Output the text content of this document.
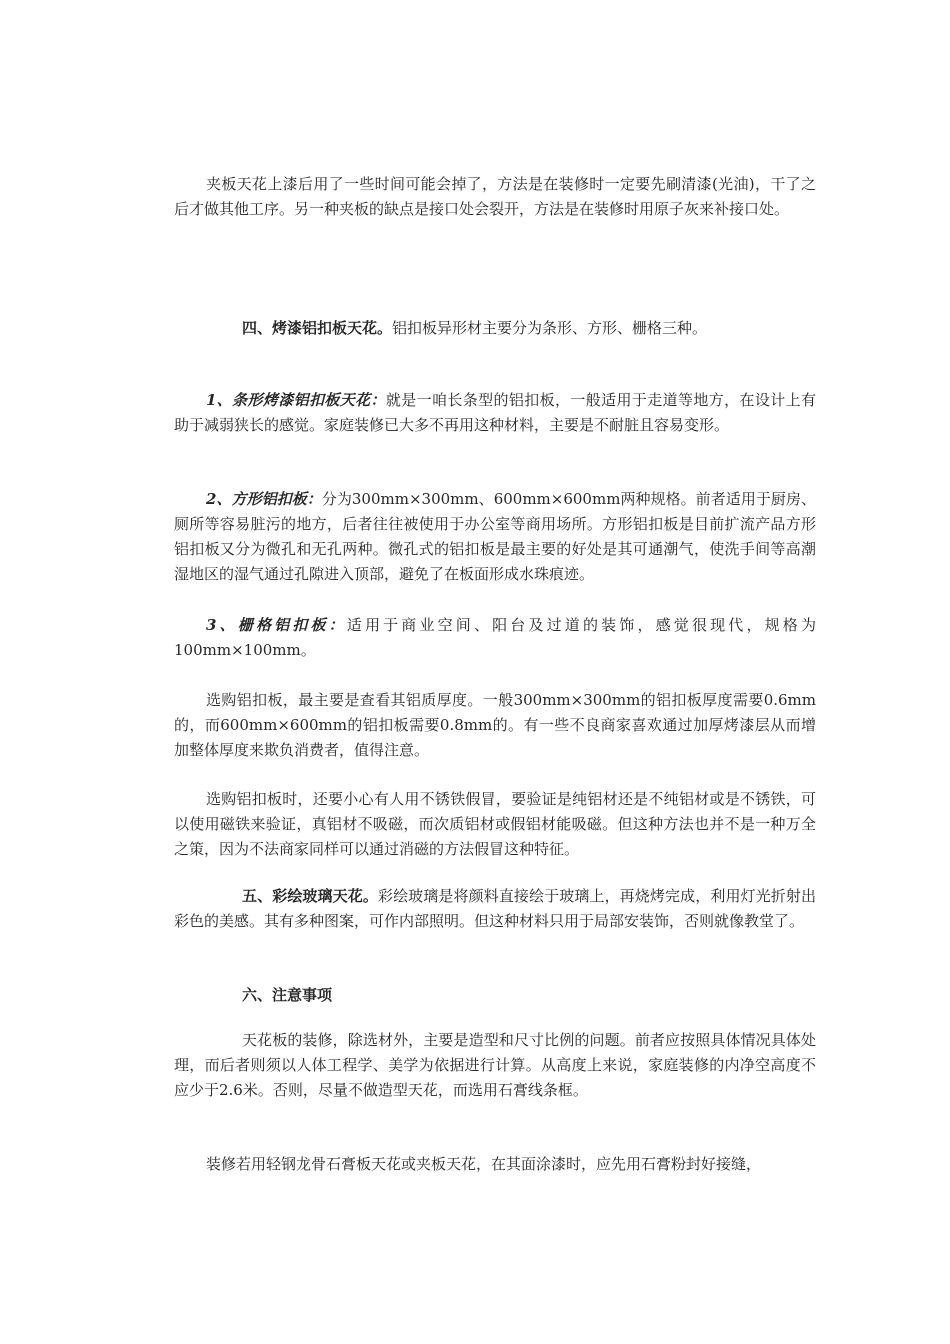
夹板天花上漆后用了一些时间可能会掉了，方法是在装修时一定要先刷清漆(光油)，干了之后才做其他工序。另一种夹板的缺点是接口处会裂开，方法是在装修时用原子灰来补接口处。

四、烤漆铝扣板天花。铝扣板异形材主要分为条形、方形、栅格三种。

1、条形烤漆铝扣板天花：就是一咱长条型的铝扣板，一般适用于走道等地方，在设计上有助于减弱狭长的感觉。家庭装修已大多不再用这种材料，主要是不耐脏且容易变形。

2、方形铝扣板：分为300mm×300mm、600mm×600mm两种规格。前者适用于厨房、厕所等容易脏污的地方，后者往往被使用于办公室等商用场所。方形铝扣板是目前扩流产品方形铝扣板又分为微孔和无孔两种。微孔式的铝扣板是最主要的好处是其可通潮气，使洗手间等高潮湿地区的湿气通过孔隙进入顶部，避免了在板面形成水珠痕迹。

3、栅格铝扣板：适用于商业空间、阳台及过道的装饰，感觉很现代，规格为100mm×100mm。

选购铝扣板，最主要是查看其铝质厚度。一般300mm×300mm的铝扣板厚度需要0.6mm的，而600mm×600mm的铝扣板需要0.8mm的。有一些不良商家喜欢通过加厚烤漆层从而增加整体厚度来欺负消费者，值得注意。

选购铝扣板时，还要小心有人用不锈铁假冒，要验证是纯铝材还是不纯铝材或是不锈铁，可以使用磁铁来验证，真铝材不吸磁，而次质铝材或假铝材能吸磁。但这种方法也并不是一种万全之策，因为不法商家同样可以通过消磁的方法假冒这种特征。

五、彩绘玻璃天花。彩绘玻璃是将颜料直接绘于玻璃上，再烧烤完成，利用灯光折射出彩色的美感。其有多种图案，可作内部照明。但这种材料只用于局部安装饰，否则就像教堂了。

六、注意事项

天花板的装修，除选材外，主要是造型和尺寸比例的问题。前者应按照具体情况具体处理，而后者则须以人体工程学、美学为依据进行计算。从高度上来说，家庭装修的内净空高度不应少于2.6米。否则，尽量不做造型天花，而选用石膏线条框。

装修若用轻钢龙骨石膏板天花或夹板天花，在其面涂漆时，应先用石膏粉封好接缝，
